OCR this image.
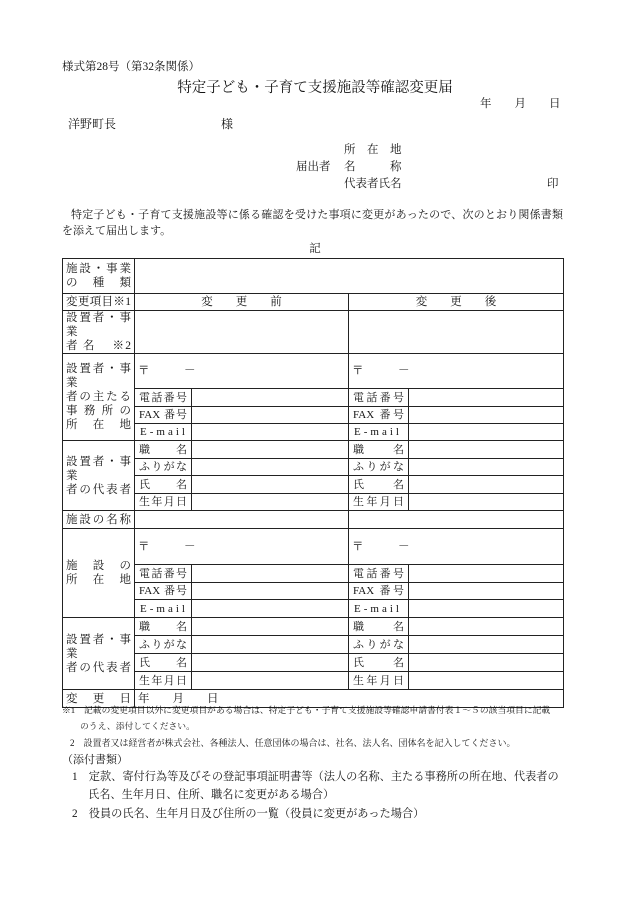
様式第28号（第32条関係）
特定子ども・子育て支援施設等確認変更届
年　　月　　日
洋野町長	様
所　在　地
届出者 名　　　称
代表者氏名	印
特定子ども・子育て支援施設等に係る確認を受けた事項に変更があったので、次のとおり関係書類
を添えて届出します。
記
施設・事業
の　種　類				
変更項目※1	変　　更　　前		変　　更　　後	
設置者・事業
者 名　 ※2				
設置者・事業
者の主たる
事 務 所 の
所　在　地	〒　　　－		〒　　　－	
	電話番号		電話番号	
	FAX 番号		FAX 番号	
	E-mail		E-mail	
設置者・事業
者の代表者	職　名		職　名	
	ふりがな		ふりがな	
	氏　名		氏　名	
	生年月日		生年月日	
施設の名称				
施　設　の
所　在　地	〒　　　－		〒　　　－	
	電話番号		電話番号	
	FAX 番号		FAX 番号	
	E-mail		E-mail	
設置者・事業
者の代表者	職　名		職　名	
	ふりがな		ふりがな	
	氏　名		氏　名	
	生年月日		生年月日	
変　更　日	年　　月　　日			
※1　記載の変更項目以外に変更項目がある場合は、特定子ども・子育て支援施設等確認申請書付表１～５の該当項目に記載
のうえ、添付してください。
2　設置者又は経営者が株式会社、各種法人、任意団体の場合は、社名、法人名、団体名を記入してください。
（添付書類）
1　定款、寄付行為等及びその登記事項証明書等（法人の名称、主たる事務所の所在地、代表者の
氏名、生年月日、住所、職名に変更がある場合）
2　役員の氏名、生年月日及び住所の一覧（役員に変更があった場合）
